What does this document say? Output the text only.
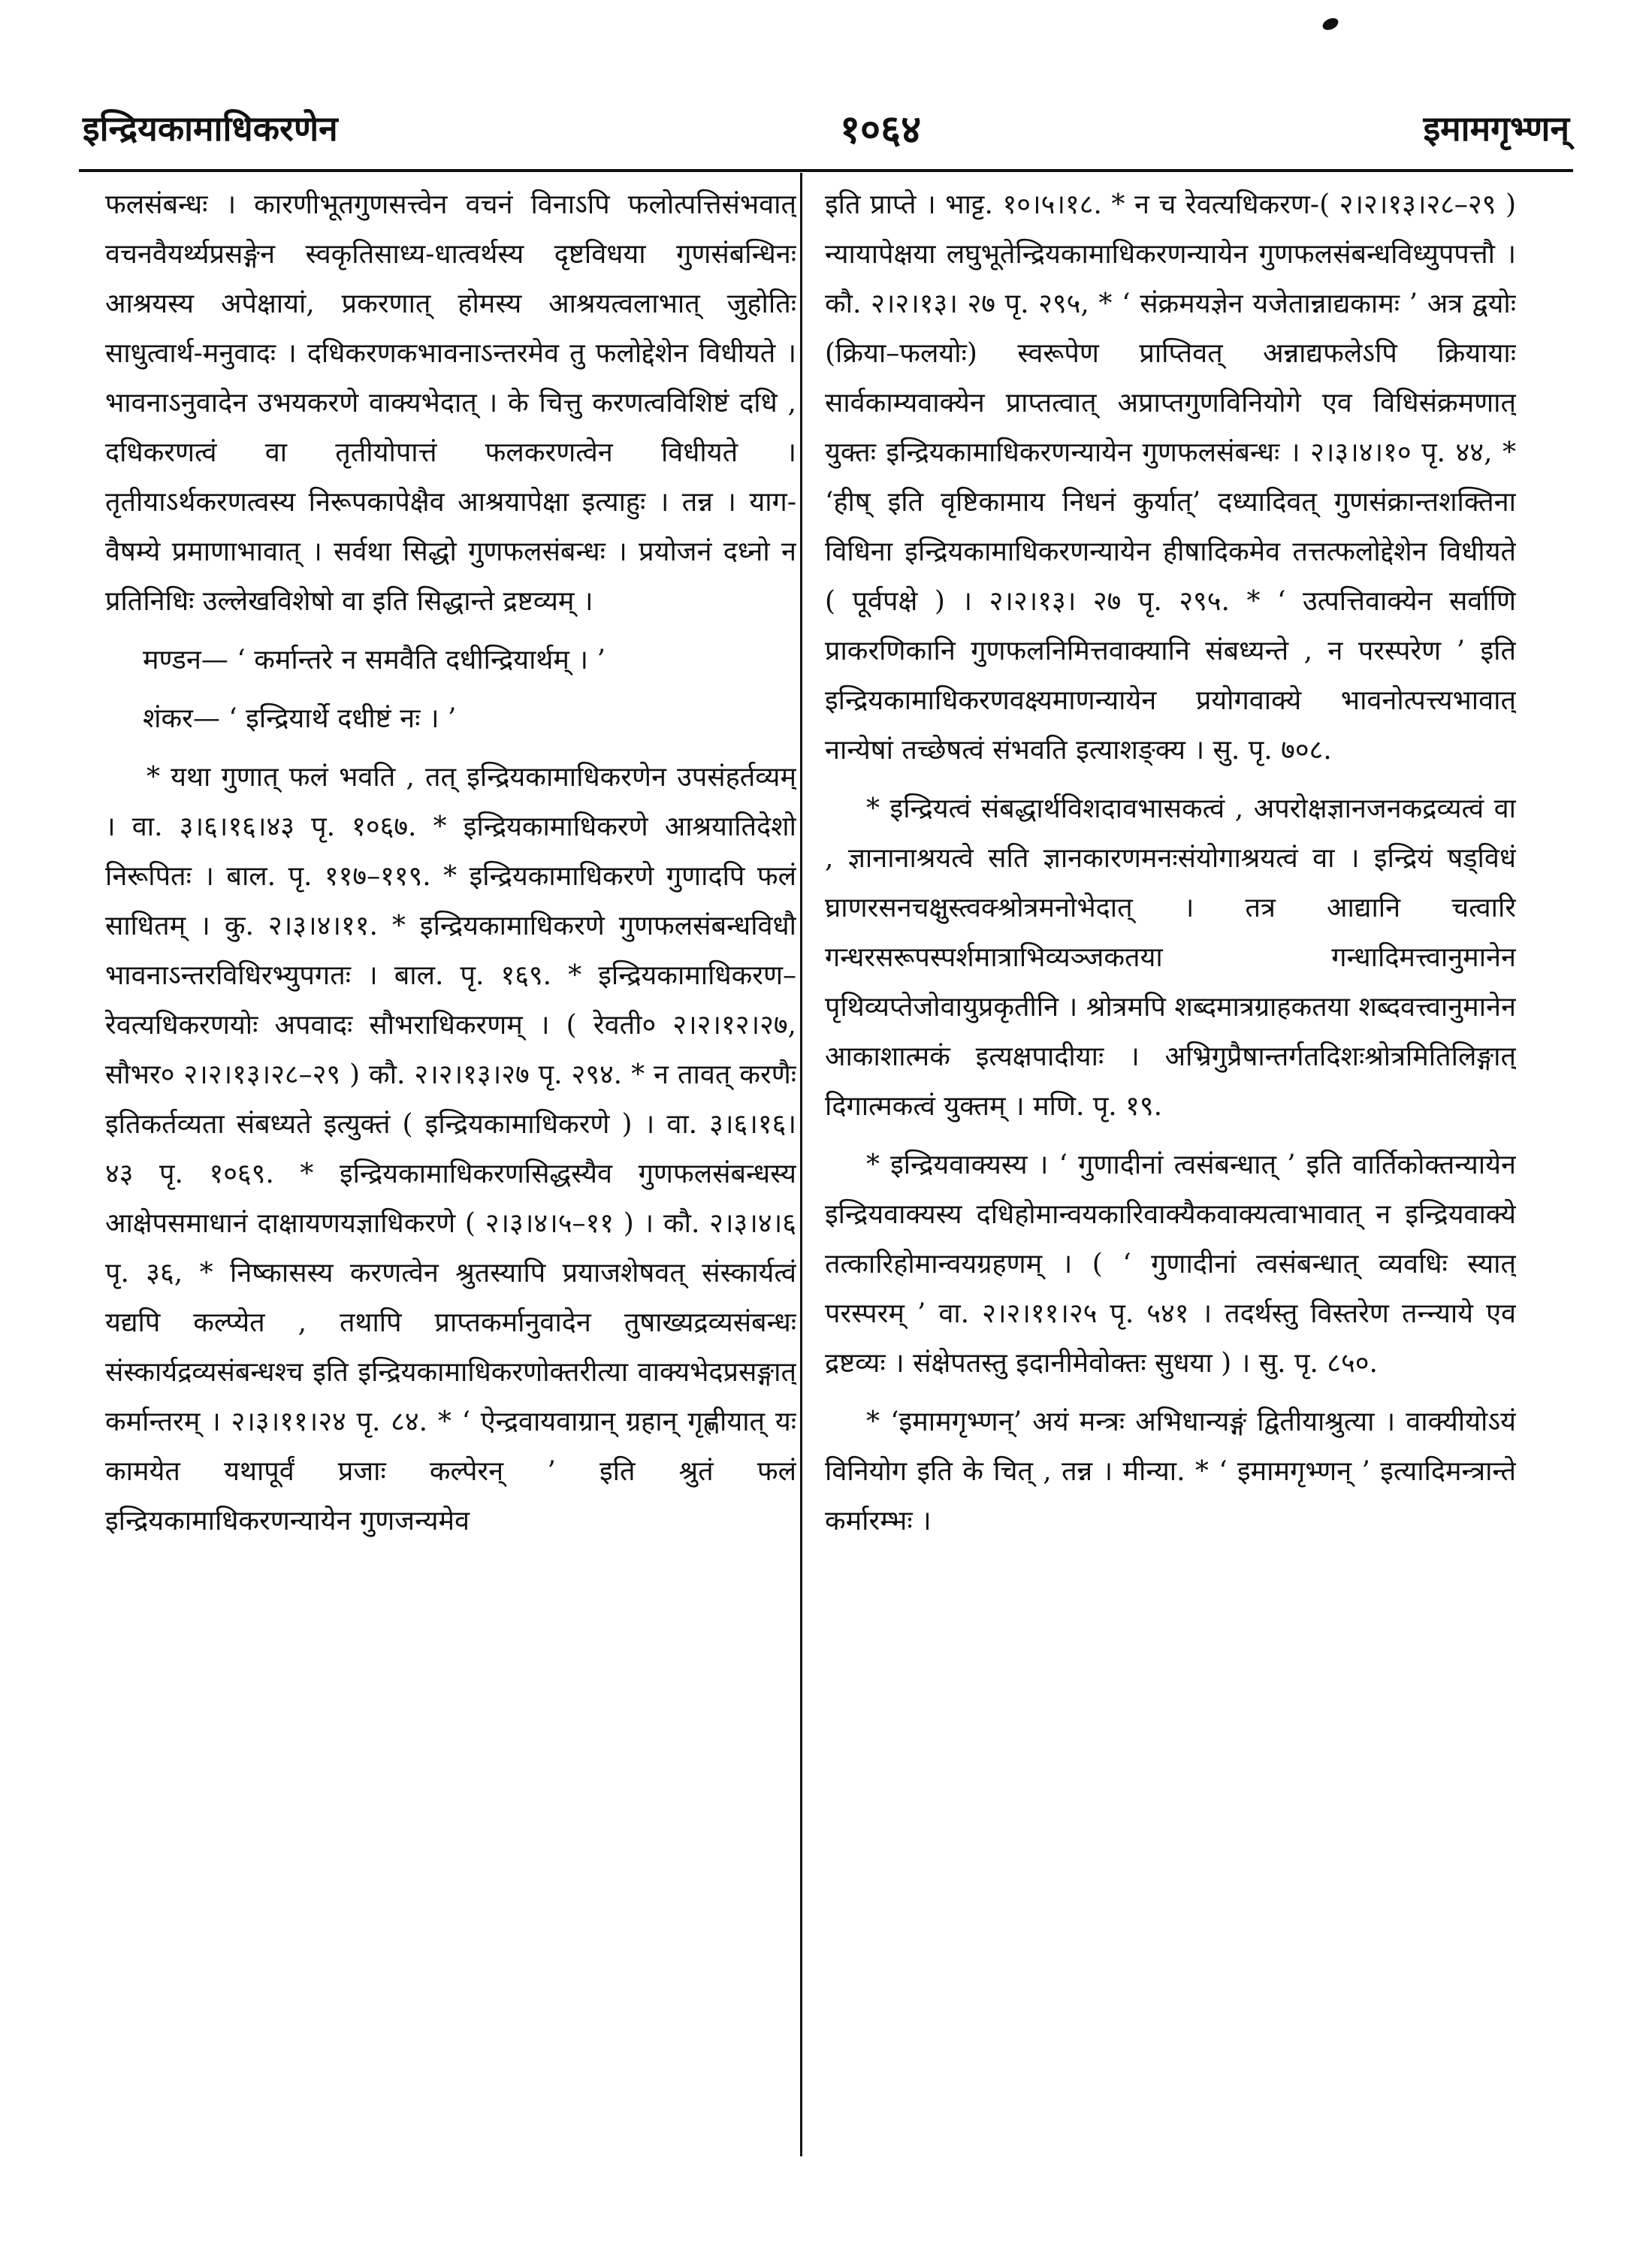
इन्द्रियकामाधिकरणेन	१०६४	इमामगृभ्णन्

फलसंबन्धः । कारणीभूतगुणसत्त्वेन वचनं विनाऽपि फलोत्पत्तिसंभवात् वचनवैयर्थ्यप्रसङ्गेन स्वकृतिसाध्य-धात्वर्थस्य दृष्टविधया गुणसंबन्धिनः आश्रयस्य अपेक्षायां, प्रकरणात् होमस्य आश्रयत्वलाभात् जुहोतिः साधुत्वार्थ-मनुवादः । दधिकरणकभावनाऽन्तरमेव तु फलोद्देशेन विधीयते । भावनाऽनुवादेन उभयकरणे वाक्यभेदात् । के चित्तु करणत्वविशिष्टं दधि , दधिकरणत्वं वा तृतीयोपात्तं फलकरणत्वेन विधीयते । तृतीयाऽर्थकरणत्वस्य निरूपकापेक्षैव आश्रयापेक्षा इत्याहुः । तन्न । याग-वैषम्ये प्रमाणाभावात् । सर्वथा सिद्धो गुणफलसंबन्धः । प्रयोजनं दध्नो न प्रतिनिधिः उल्लेखविशेषो वा इति सिद्धान्ते द्रष्टव्यम् ।

मण्डन— ‘ कर्मान्तरे न समवैति दधीन्द्रियार्थम् । ’

शंकर— ‘ इन्द्रियार्थे दधीष्टं नः । ’

* यथा गुणात् फलं भवति , तत् इन्द्रियकामाधिकरणेन उपसंहर्तव्यम् । वा. ३।६।१६।४३ पृ. १०६७. * इन्द्रियकामाधिकरणे आश्रयातिदेशो निरूपितः । बाल. पृ. ११७–११९. * इन्द्रियकामाधिकरणे गुणादपि फलं साधितम् । कु. २।३।४।११. * इन्द्रियकामाधिकरणे गुणफलसंबन्धविधौ भावनाऽन्तरविधिरभ्युपगतः । बाल. पृ. १६९. * इन्द्रियकामाधिकरण–रेवत्यधिकरणयोः अपवादः सौभराधिकरणम् । ( रेवती० २।२।१२।२७, सौभर० २।२।१३।२८–२९ ) कौ. २।२।१३।२७ पृ. २९४. * न तावत् करणैः इतिकर्तव्यता संबध्यते इत्युक्तं ( इन्द्रियकामाधिकरणे ) । वा. ३।६।१६।४३ पृ. १०६९. * इन्द्रियकामाधिकरणसिद्धस्यैव गुणफलसंबन्धस्य आक्षेपसमाधानं दाक्षायणयज्ञाधिकरणे ( २।३।४।५–११ ) । कौ. २।३।४।६ पृ. ३६, * निष्कासस्य करणत्वेन श्रुतस्यापि प्रयाजशेषवत् संस्कार्यत्वं यद्यपि कल्प्येत , तथापि प्राप्तकर्मानुवादेन तुषाख्यद्रव्यसंबन्धः संस्कार्यद्रव्यसंबन्धश्च इति इन्द्रियकामाधिकरणोक्तरीत्या वाक्यभेदप्रसङ्गात् कर्मान्तरम् । २।३।११।२४ पृ. ८४. * ‘ ऐन्द्रवायवाग्रान् ग्रहान् गृह्णीयात् यः कामयेत यथापूर्वं प्रजाः कल्पेरन् ’ इति श्रुतं फलं इन्द्रियकामाधिकरणन्यायेन गुणजन्यमेव

इति प्राप्ते । भाट्ट. १०।५।१८. * न च रेवत्यधिकरण-( २।२।१३।२८–२९ ) न्यायापेक्षया लघुभूतेन्द्रियकामाधिकरणन्यायेन गुणफलसंबन्धविध्युपपत्तौ । कौ. २।२।१३। २७ पृ. २९५, * ‘ संक्रमयज्ञेन यजेतान्नाद्यकामः ’ अत्र द्वयोः (क्रिया–फलयोः) स्वरूपेण प्राप्तिवत् अन्नाद्यफलेऽपि क्रियायाः सार्वकाम्यवाक्येन प्राप्तत्वात् अप्राप्तगुणविनियोगे एव विधिसंक्रमणात् युक्तः इन्द्रियकामाधिकरणन्यायेन गुणफलसंबन्धः । २।३।४।१० पृ. ४४, * ‘हीष् इति वृष्टिकामाय निधनं कुर्यात्’ दध्यादिवत् गुणसंक्रान्तशक्तिना विधिना इन्द्रियकामाधिकरणन्यायेन हीषादिकमेव तत्तत्फलोद्देशेन विधीयते ( पूर्वपक्षे ) । २।२।१३। २७ पृ. २९५. * ‘ उत्पत्तिवाक्येन सर्वाणि प्राकरणिकानि गुणफलनिमित्तवाक्यानि संबध्यन्ते , न परस्परेण ’ इति इन्द्रियकामाधिकरणवक्ष्यमाणन्यायेन प्रयोगवाक्ये भावनोत्पत्त्यभावात् नान्येषां तच्छेषत्वं संभवति इत्याशङ्क्य । सु. पृ. ७०८.

* इन्द्रियत्वं संबद्धार्थविशदावभासकत्वं , अपरोक्षज्ञानजनकद्रव्यत्वं वा , ज्ञानानाश्रयत्वे सति ज्ञानकारणमनःसंयोगाश्रयत्वं वा । इन्द्रियं षड्विधं घ्राणरसनचक्षुस्त्वक्श्रोत्रमनोभेदात् । तत्र आद्यानि चत्वारि गन्धरसरूपस्पर्शमात्राभिव्यञ्जकतया गन्धादिमत्त्वानुमानेन पृथिव्यप्तेजोवायुप्रकृतीनि । श्रोत्रमपि शब्दमात्रग्राहकतया शब्दवत्त्वानुमानेन आकाशात्मकं इत्यक्षपादीयाः । अभ्रिगुप्रैषान्तर्गतदिशःश्रोत्रमितिलिङ्गात् दिगात्मकत्वं युक्तम् । मणि. पृ. १९.

* इन्द्रियवाक्यस्य । ‘ गुणादीनां त्वसंबन्धात् ’ इति वार्तिकोक्तन्यायेन इन्द्रियवाक्यस्य दधिहोमान्वयकारिवाक्यैकवाक्यत्वाभावात् न इन्द्रियवाक्ये तत्कारिहोमान्वयग्रहणम् । ( ‘ गुणादीनां त्वसंबन्धात् व्यवधिः स्यात् परस्परम् ’ वा. २।२।११।२५ पृ. ५४१ । तदर्थस्तु विस्तरेण तन्न्याये एव द्रष्टव्यः । संक्षेपतस्तु इदानीमेवोक्तः सुधया ) । सु. पृ. ८५०.

* ‘इमामगृभ्णन्’ अयं मन्त्रः अभिधान्यङ्गं द्वितीयाश्रुत्या । वाक्यीयोऽयं विनियोग इति के चित् , तन्न । मीन्या. * ‘ इमामगृभ्णन् ’ इत्यादिमन्त्रान्ते कर्मारम्भः ।
